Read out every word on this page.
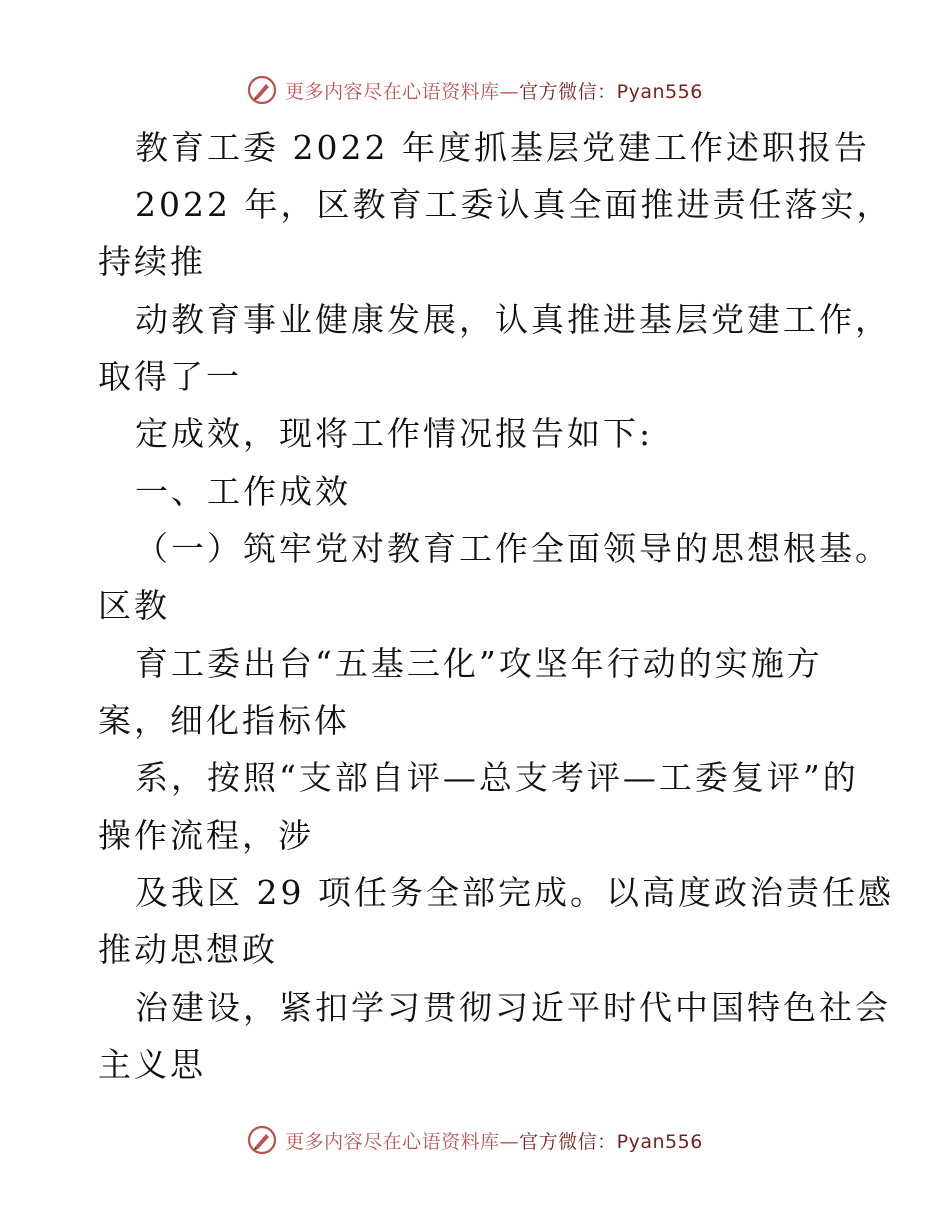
更多内容尽在心语资料库—官方微信：Pyan556
教育工委 2022 年度抓基层党建工作述职报告
2022 年，区教育工委认真全面推进责任落实，
持续推
动教育事业健康发展，认真推进基层党建工作，
取得了一
定成效，现将工作情况报告如下:
一、工作成效
（一）筑牢党对教育工作全面领导的思想根基。
区教
育工委出台“五基三化”攻坚年行动的实施方
案，细化指标体
系，按照“支部自评—总支考评—工委复评”的
操作流程，涉
及我区 29 项任务全部完成。以高度政治责任感
推动思想政
治建设，紧扣学习贯彻习近平时代中国特色社会
主义思
更多内容尽在心语资料库—官方微信：Pyan556
